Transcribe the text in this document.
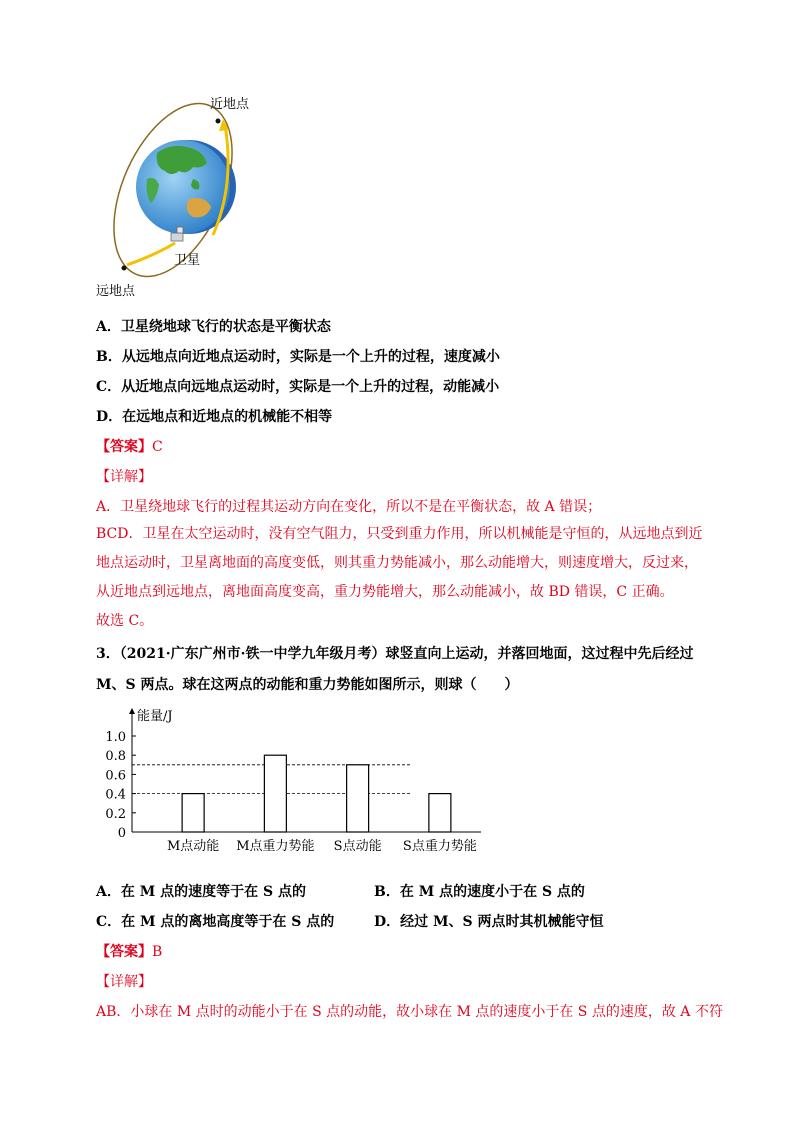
近地点
卫星
远地点
A．卫星绕地球飞行的状态是平衡状态
B．从远地点向近地点运动时，实际是一个上升的过程，速度减小
C．从近地点向远地点运动时，实际是一个上升的过程，动能减小
D．在远地点和近地点的机械能不相等
【答案】C
【详解】
A．卫星绕地球飞行的过程其运动方向在变化，所以不是在平衡状态，故 A 错误；
BCD．卫星在太空运动时，没有空气阻力，只受到重力作用，所以机械能是守恒的，从远地点到近
地点运动时，卫星离地面的高度变低，则其重力势能减小，那么动能增大，则速度增大，反过来，
从近地点到远地点，离地面高度变高，重力势能增大，那么动能减小，故 BD 错误，C 正确。
故选 C。
3．（2021·广东广州市·铁一中学九年级月考）球竖直向上运动，并落回地面，这过程中先后经过
M、S 两点。球在这两点的动能和重力势能如图所示，则球（　　）
能量/J
0
0.2
0.4
0.6
0.8
1.0
M点动能 M点重力势能 S点动能 S点重力势能
A．在 M 点的速度等于在 S 点的	B．在 M 点的速度小于在 S 点的
C．在 M 点的离地高度等于在 S 点的	D．经过 M、S 两点时其机械能守恒
【答案】B
【详解】
AB．小球在 M 点时的动能小于在 S 点的动能，故小球在 M 点的速度小于在 S 点的速度，故 A 不符
